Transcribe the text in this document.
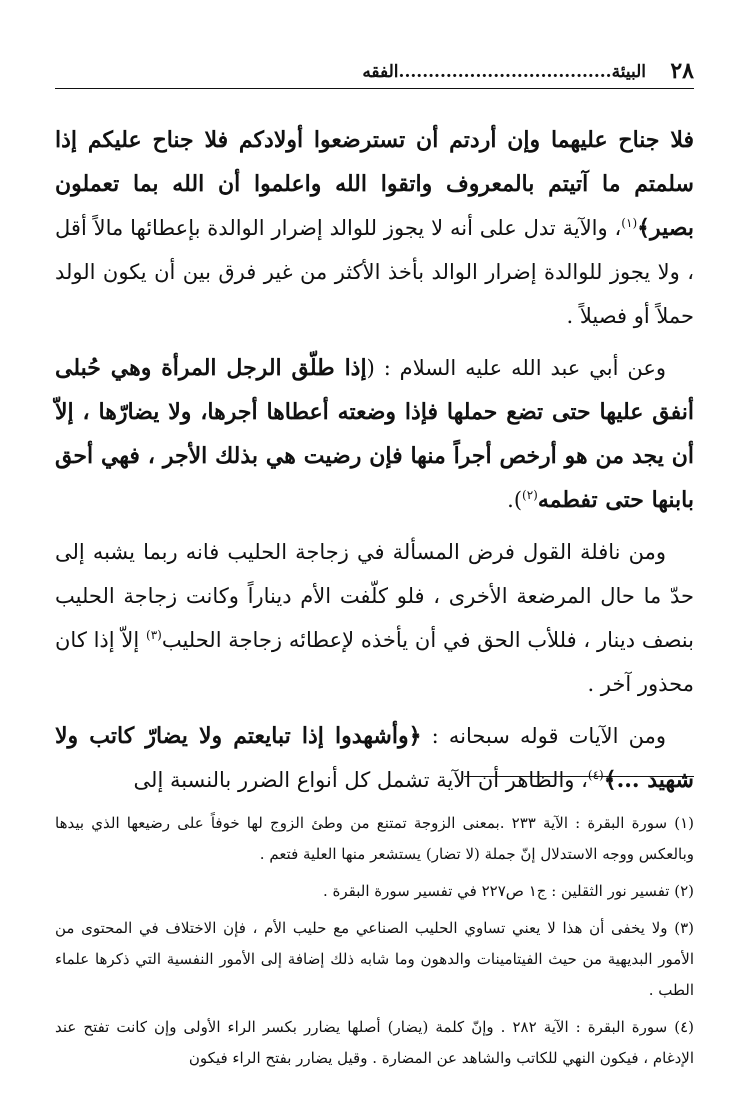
٢٨
البيئة....................................الفقه

فلا جناح عليهما وإن أردتم أن تسترضعوا أولادكم فلا جناح عليكم إذا سلمتم ما آتيتم بالمعروف واتقوا الله واعلموا أن الله بما تعملون بصير﴾$^{(١)}$، والآية تدل على أنه لا يجوز للوالد إضرار الوالدة بإعطائها مالاً أقل ، ولا يجوز للوالدة إضرار الوالد بأخذ الأكثر من غير فرق بين أن يكون الولد حملاً أو فصيلاً .

وعن أبي عبد الله عليه السلام : (إذا طلّق الرجل المرأة وهي حُبلى أنفق عليها حتى تضع حملها فإذا وضعته أعطاها أجرها، ولا يضارّها ، إلاّ أن يجد من هو أرخص أجراً منها فإن رضيت هي بذلك الأجر ، فهي أحق بابنها حتى تفطمه$^{(٢)}$).

ومن نافلة القول فرض المسألة في زجاجة الحليب فانه ربما يشبه إلى حدّ ما حال المرضعة الأخرى ، فلو كلّفت الأم ديناراً وكانت زجاجة الحليب بنصف دينار ، فللأب الحق في أن يأخذه لإعطائه زجاجة الحليب$^{(٣)}$ إلاّ إذا كان محذور آخر .

ومن الآيات قوله سبحانه : ﴿وأشهدوا إذا تبايعتم ولا يضارّ كاتب ولا شهيد ...﴾$^{(٤)}$، والظاهر أن الآية تشمل كل أنواع الضرر بالنسبة إلى

(١) سورة البقرة : الآية ٢٣٣ .بمعنى الزوجة تمتنع من وطئ الزوج لها خوفاً على رضيعها الذي بيدها وبالعكس ووجه الاستدلال إنّ جملة (لا تضار) يستشعر منها العلية فتعم .

(٢) تفسير نور الثقلين : ج١ ص٢٢٧ في تفسير سورة البقرة .

(٣) ولا يخفى أن هذا لا يعني تساوي الحليب الصناعي مع حليب الأم ، فإن الاختلاف في المحتوى من الأمور البديهية من حيث الفيتامينات والدهون وما شابه ذلك إضافة إلى الأمور النفسية التي ذكرها علماء الطب .

(٤) سورة البقرة : الآية ٢٨٢ . وإنّ كلمة (يضار) أصلها يضارر بكسر الراء الأولى وإن كانت تفتح عند الإدغام ، فيكون النهي للكاتب والشاهد عن المضارة . وقيل يضارر بفتح الراء فيكون
